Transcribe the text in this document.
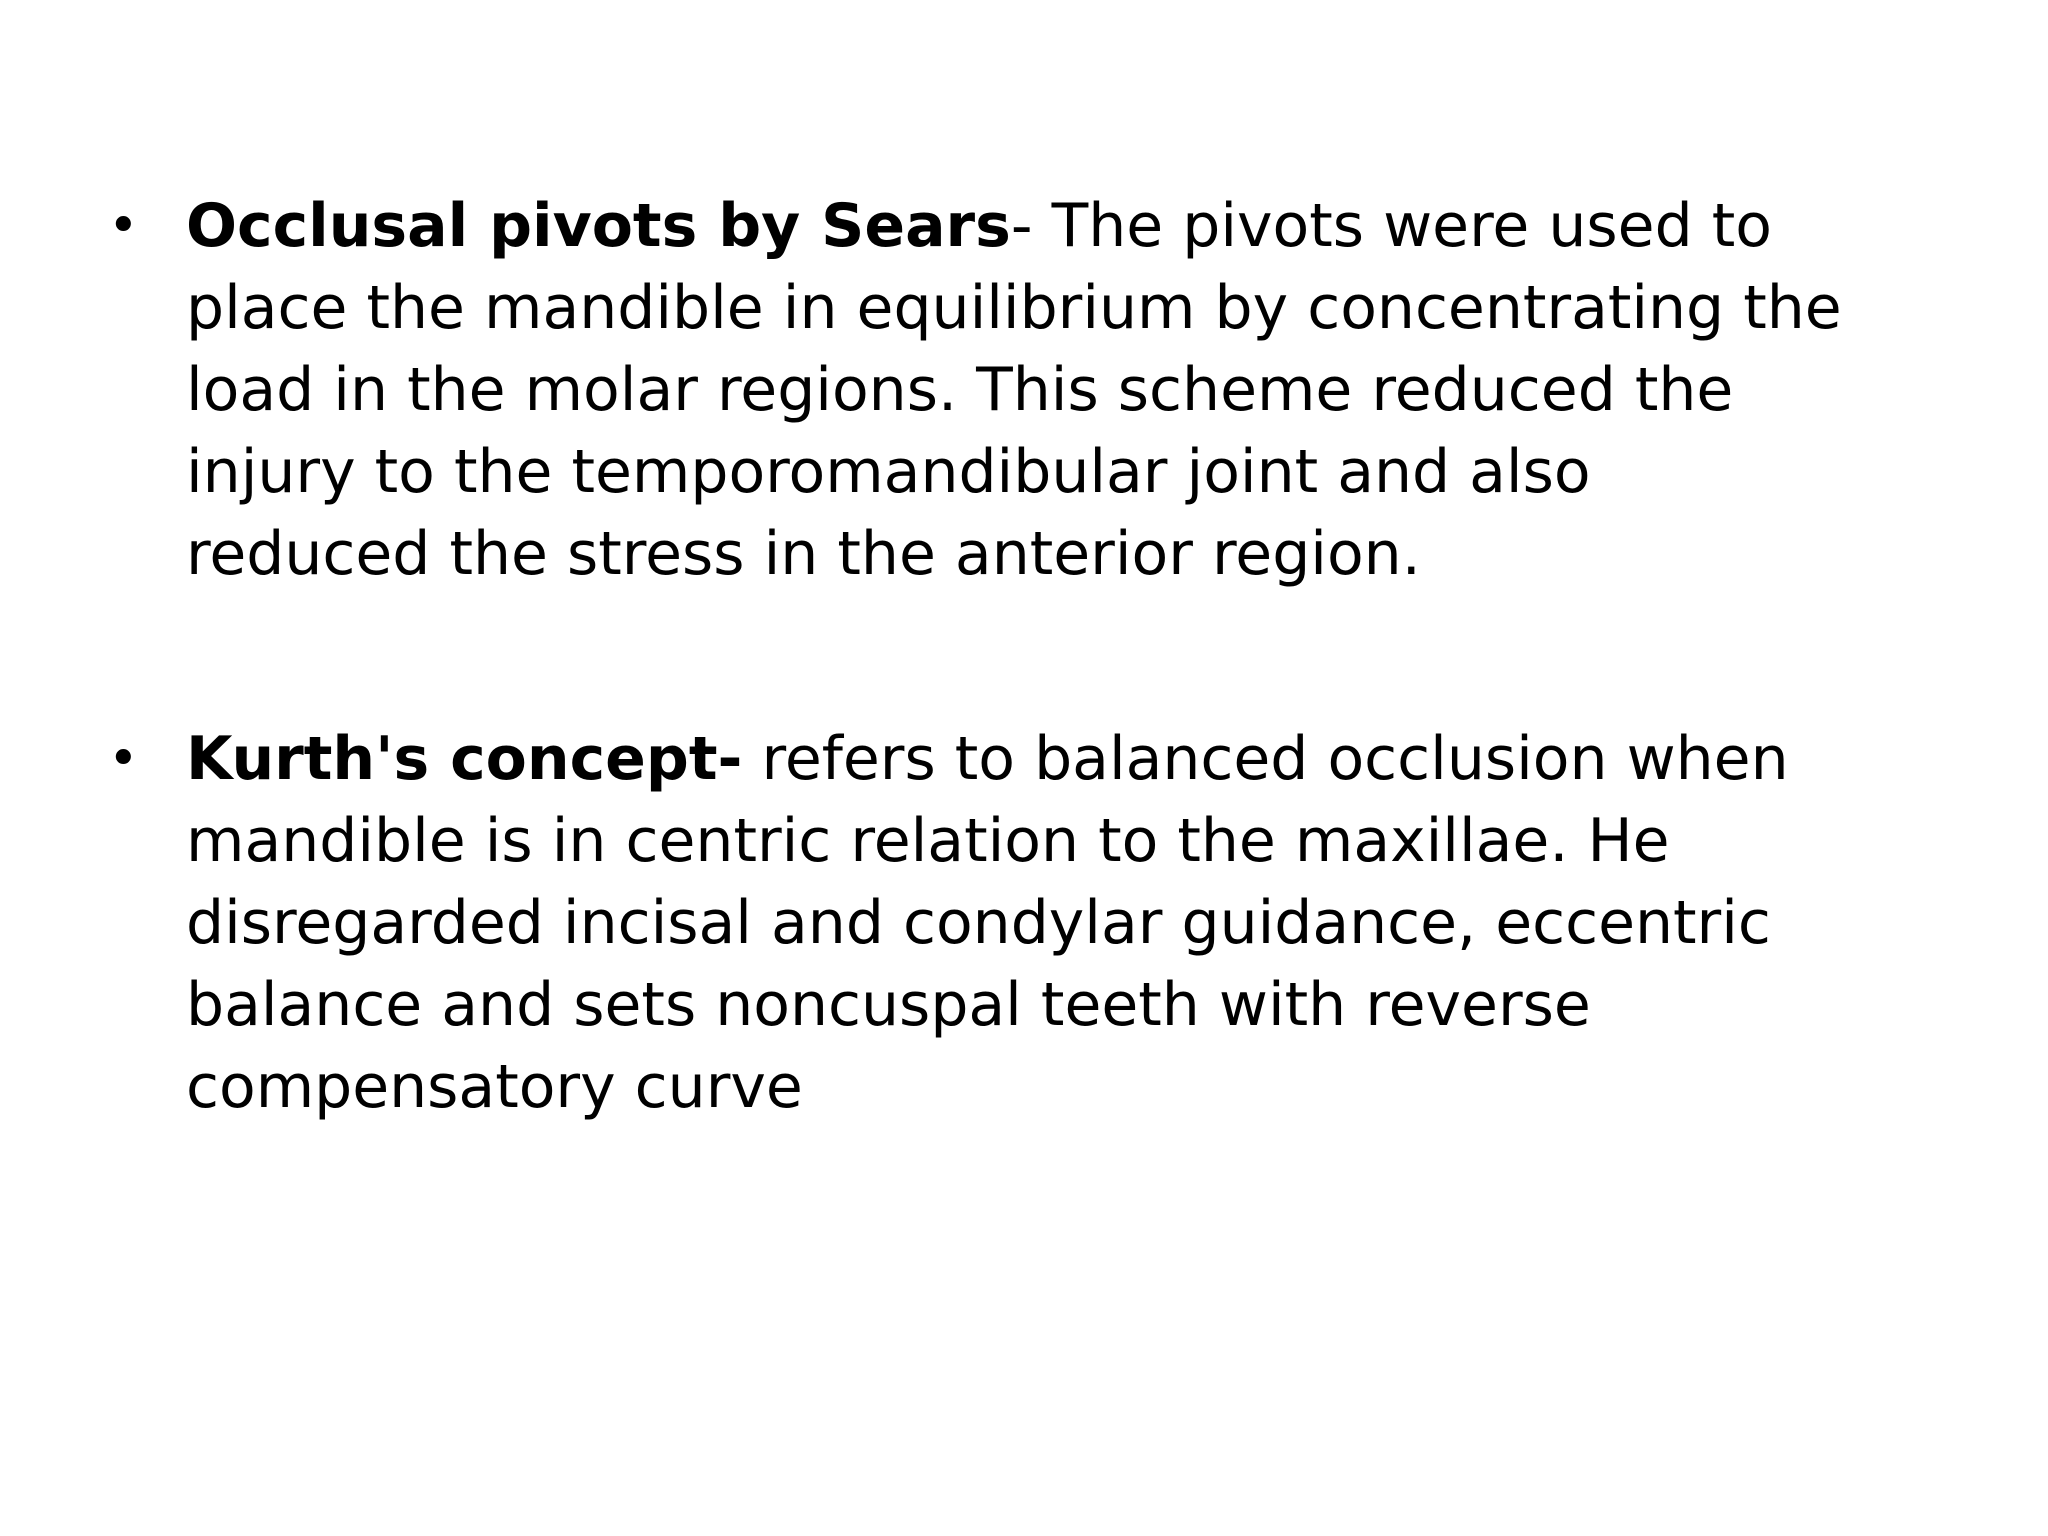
• Occlusal pivots by Sears- The pivots were used to
place the mandible in equilibrium by concentrating the
load in the molar regions. This scheme reduced the
injury to the temporomandibular joint and also
reduced the stress in the anterior region.
• Kurth's concept- refers to balanced occlusion when
mandible is in centric relation to the maxillae. He
disregarded incisal and condylar guidance, eccentric
balance and sets noncuspal teeth with reverse
compensatory curve
